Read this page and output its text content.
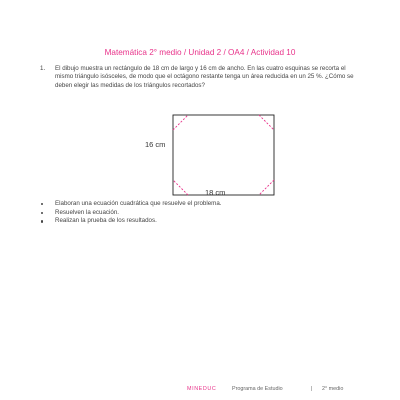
Matemática 2° medio / Unidad 2 / OA4 / Actividad 10
1. El dibujo muestra un rectángulo de 18 cm de largo y 16 cm de ancho. En las cuatro esquinas se recorta el mismo triángulo isósceles, de modo que el octágono restante tenga un área reducida en un 25 %. ¿Cómo se deben elegir las medidas de los triángulos recortados?
16 cm
18 cm
Elaboran una ecuación cuadrática que resuelve el problema.
Resuelven la ecuación.
Realizan la prueba de los resultados.
MINEDUC	Programa de Estudio	| 2° medio
